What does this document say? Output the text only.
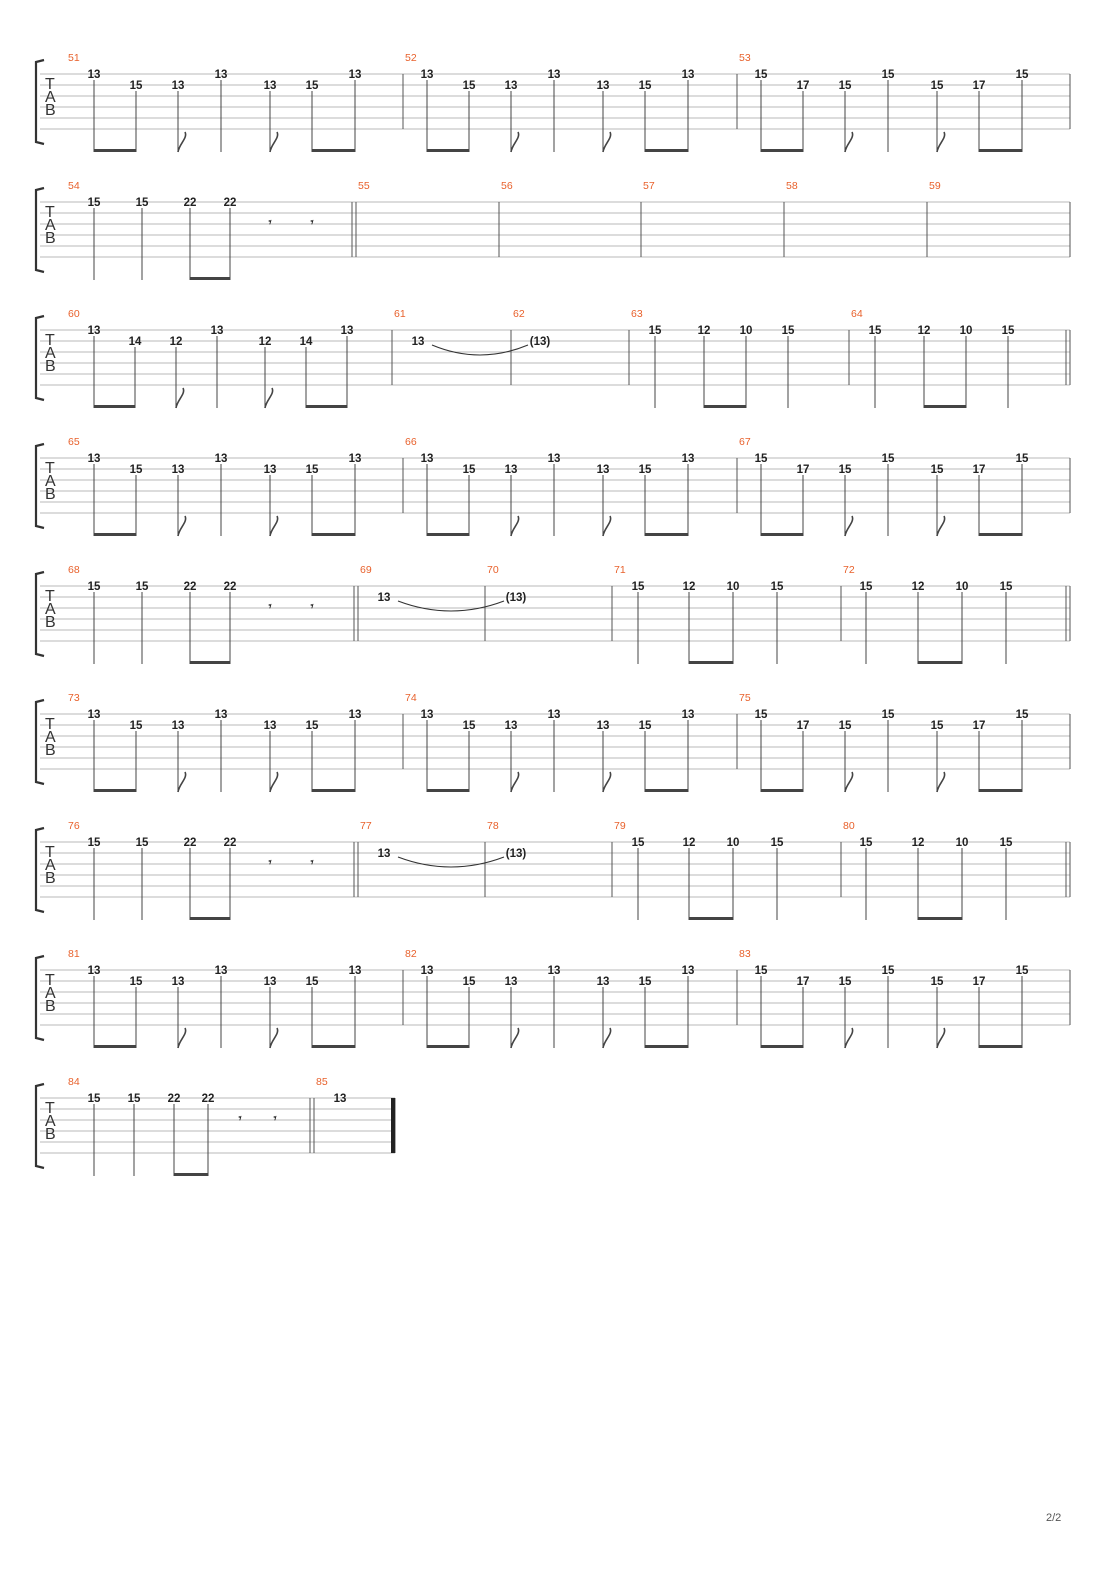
T
A
B
51
13
15	13
13
13	15
13
52
13
15	13
13
13	15
13
53
15
17	15
15
15	17
15
T
A
B
54
15	15	22 22
𝄾	𝄾
55	56	57	58	59
T
A
B
60
13
14 12
13
12 14
13
61
13
62
(13)
63
15	12	10	15
64
15	12	10	15
T
A
B
65
13
15	13
13
13	15
13
66
13
15	13
13
13	15
13
67
15
17	15
15
15	17
15
T
A
B
68
15	15	22 22
𝄾	𝄾
69
13
70
(13)
71
15	12	10	15
72
15	12	10	15
T
A
B
73
13
15	13
13
13	15
13
74
13
15	13
13
13	15
13
75
15
17	15
15
15	17
15
T
A
B
76
15	15	22 22
𝄾	𝄾
77
13
78
(13)
79
15	12	10	15
80
15	12	10	15
T
A
B
81
13
15	13
13
13	15
13
82
13
15	13
13
13	15
13
83
15
17	15
15
15	17
15
T
A
B
84
15 15 22 22
𝄾	𝄾
85
13
2/2
